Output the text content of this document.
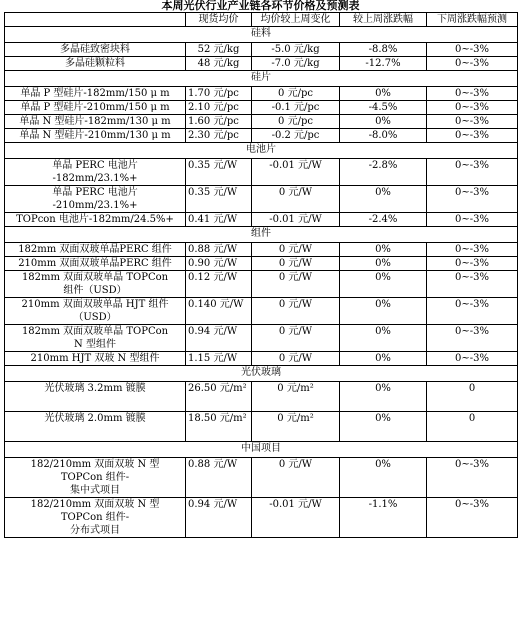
本周光伏行业产业链各环节价格及预测表
	现货均价	均价较上周变化	较上周涨跌幅	下周涨跌幅预测
硅料				
多晶硅致密块料	52 元/kg	-5.0 元/kg	-8.8%	0~-3%
多晶硅颗粒料	48 元/kg	-7.0 元/kg	-12.7%	0~-3%
硅片				
单晶 P 型硅片-182mm/150 μ m	1.70 元/pc	0 元/pc	0%	0~-3%
单晶 P 型硅片-210mm/150 μ m	2.10 元/pc	-0.1 元/pc	-4.5%	0~-3%
单晶 N 型硅片-182mm/130 μ m	1.60 元/pc	0 元/pc	0%	0~-3%
单晶 N 型硅片-210mm/130 μ m	2.30 元/pc	-0.2 元/pc	-8.0%	0~-3%
电池片				

单晶 PERC 电池片
-182mm/23.1%+	0.35 元/W	-0.01 元/W	-2.8%	0~-3%

单晶 PERC 电池片
-210mm/23.1%+	0.35 元/W	0 元/W	0%	0~-3%
TOPcon 电池片-182mm/24.5%+	0.41 元/W	-0.01 元/W	-2.4%	0~-3%
组件				
182mm 双面双玻单晶PERC 组件	0.88 元/W	0 元/W	0%	0~-3%
210mm 双面双玻单晶PERC 组件	0.90 元/W	0 元/W	0%	0~-3%

182mm 双面双玻单晶 TOPCon
组件（USD）	0.12 元/W	0 元/W	0%	0~-3%

210mm 双面双玻单晶 HJT 组件
（USD）	0.140 元/W	0 元/W	0%	0~-3%

182mm 双面双玻单晶 TOPCon
N 型组件	0.94 元/W	0 元/W	0%	0~-3%
210mm HJT 双玻 N 型组件	1.15 元/W	0 元/W	0%	0~-3%
光伏玻璃				
光伏玻璃 3.2mm 镀膜	26.50 元/m²	0 元/m²	0%	0
光伏玻璃 2.0mm 镀膜	18.50 元/m²	0 元/m²	0%	0
中国项目				

182/210mm 双面双玻 N 型
TOPCon 组件-
集中式项目	0.88 元/W	0 元/W	0%	0~-3%

182/210mm 双面双玻 N 型
TOPCon 组件-
分布式项目	0.94 元/W	-0.01 元/W	-1.1%	0~-3%
